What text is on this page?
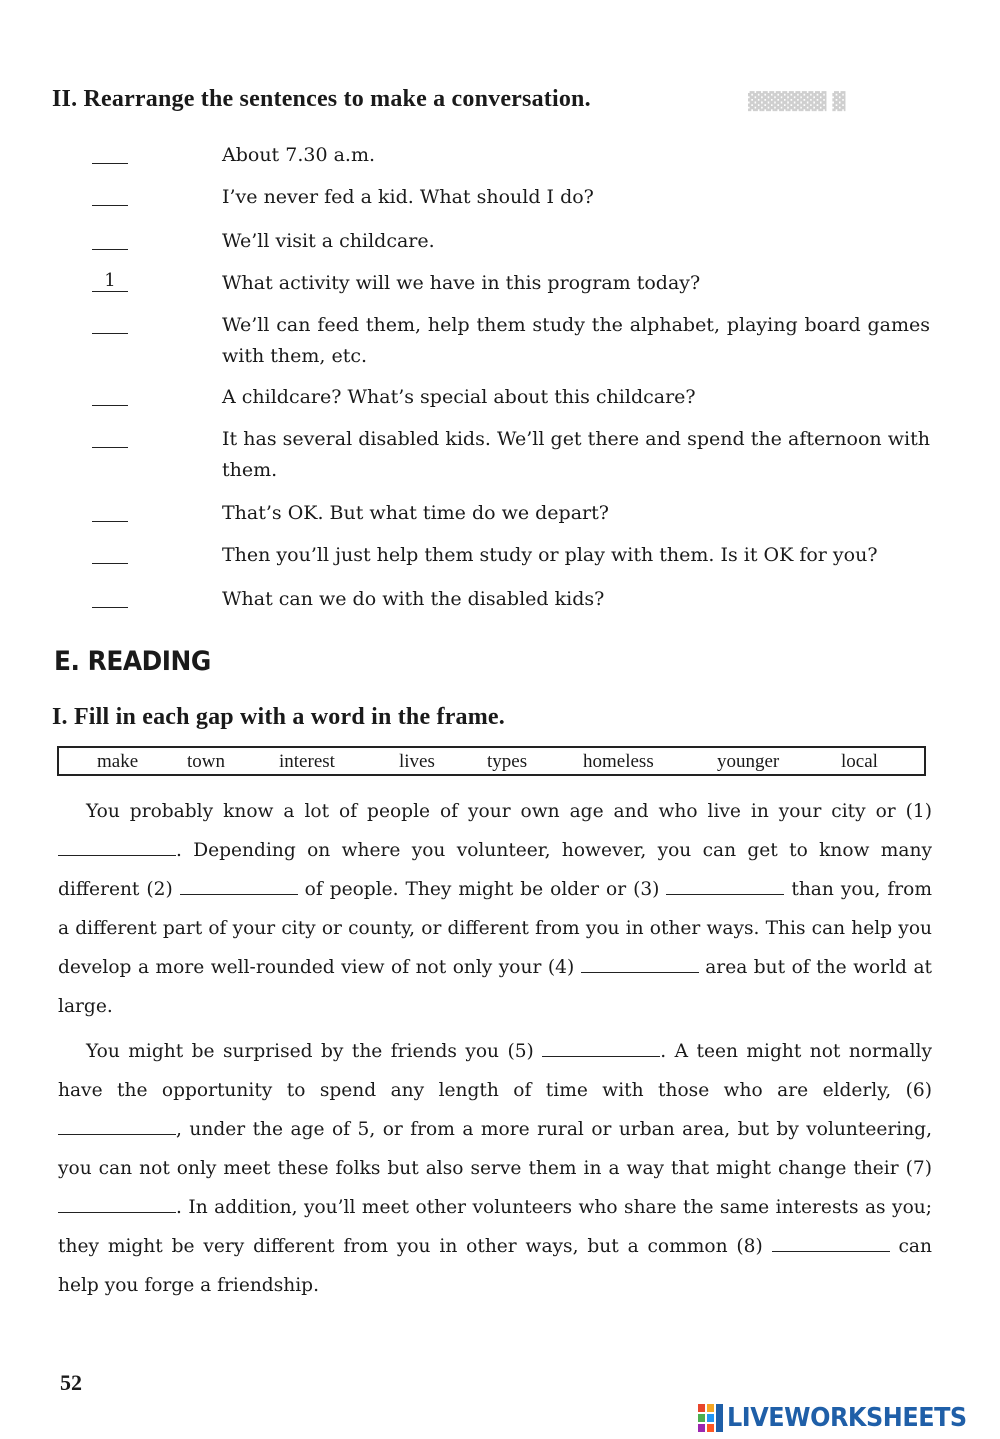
▓▓▓▓▓▓ ▓
II. Rearrange the sentences to make a conversation.
About 7.30 a.m.
I’ve never fed a kid. What should I do?
We’ll visit a childcare.
1	What activity will we have in this program today?
We’ll can feed them, help them study the alphabet, playing board games with them, etc.
A childcare? What’s special about this childcare?
It has several disabled kids. We’ll get there and spend the afternoon with them.
That’s OK. But what time do we depart?
Then you’ll just help them study or play with them. Is it OK for you?
What can we do with the disabled kids?
E. READING
I. Fill in each gap with a word in the frame.
make	town	interest	lives	types	homeless	younger	local
You probably know a lot of people of your own age and who live in your city or (1) . Depending on where you volunteer, however, you can get to know many different (2)	of people. They might be older or (3)	than you, from a different part of your city or county, or different from you in other ways. This can help you develop a more well-rounded view of not only your (4)	area but of the world at large.
You might be surprised by the friends you (5)	. A teen might not normally have the opportunity to spend any length of time with those who are elderly, (6) , under the age of 5, or from a more rural or urban area, but by volunteering, you can not only meet these folks but also serve them in a way that might change their (7) . In addition, you’ll meet other volunteers who share the same interests as you; they might be very different from you in other ways, but a common (8)	can help you forge a friendship.
52
LIVEWORKSHEETS
